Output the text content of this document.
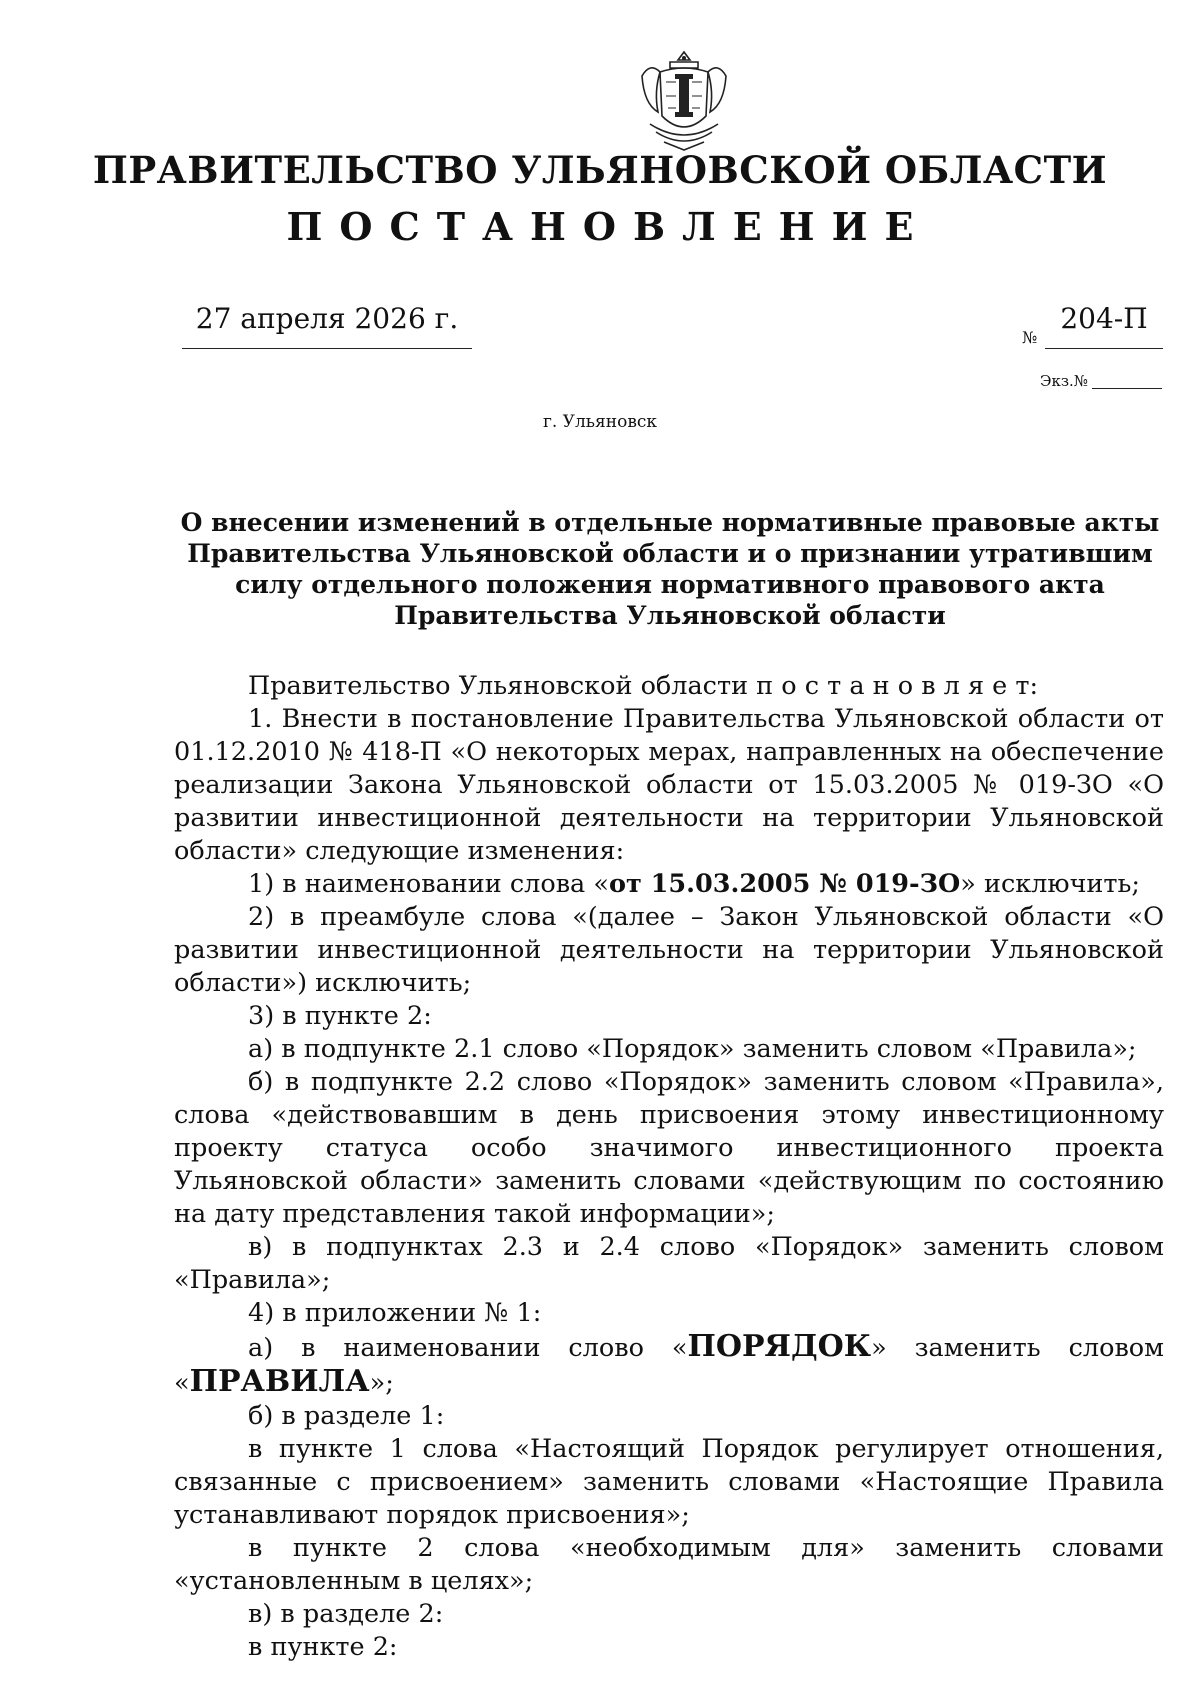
ПРАВИТЕЛЬСТВО УЛЬЯНОВСКОЙ ОБЛАСТИ
ПОСТАНОВЛЕНИЕ
27 апреля 2026 г.
№
204-П
Экз.№
г. Ульяновск
О внесении изменений в отдельные нормативные правовые акты
Правительства Ульяновской области и о признании утратившим
силу отдельного положения нормативного правового акта
Правительства Ульяновской области

Правительство Ульяновской области п о с т а н о в л я е т:

1. Внести в постановление Правительства Ульяновской области от 01.12.2010 № 418-П «О некоторых мерах, направленных на обеспечение реализации Закона Ульяновской области от 15.03.2005 № 019-ЗО «О развитии инвестиционной деятельности на территории Ульяновской области» следующие изменения:

1) в наименовании слова «от 15.03.2005 № 019-ЗО» исключить;

2) в преамбуле слова «(далее – Закон Ульяновской области «О развитии инвестиционной деятельности на территории Ульяновской области») исключить;

3) в пункте 2:

а) в подпункте 2.1 слово «Порядок» заменить словом «Правила»;

б) в подпункте 2.2 слово «Порядок» заменить словом «Правила», слова «действовавшим в день присвоения этому инвестиционному проекту статуса особо значимого инвестиционного проекта Ульяновской области» заменить словами «действующим по состоянию на дату представления такой информации»;

в) в подпунктах 2.3 и 2.4 слово «Порядок» заменить словом «Правила»;

4) в приложении № 1:

а) в наименовании слово «ПОРЯДОК» заменить словом «ПРАВИЛА»;

б) в разделе 1:

в пункте 1 слова «Настоящий Порядок регулирует отношения, связанные с присвоением» заменить словами «Настоящие Правила устанавливают порядок присвоения»;

в пункте 2 слова «необходимым для» заменить словами «установленным в целях»;

в) в разделе 2:

в пункте 2:
